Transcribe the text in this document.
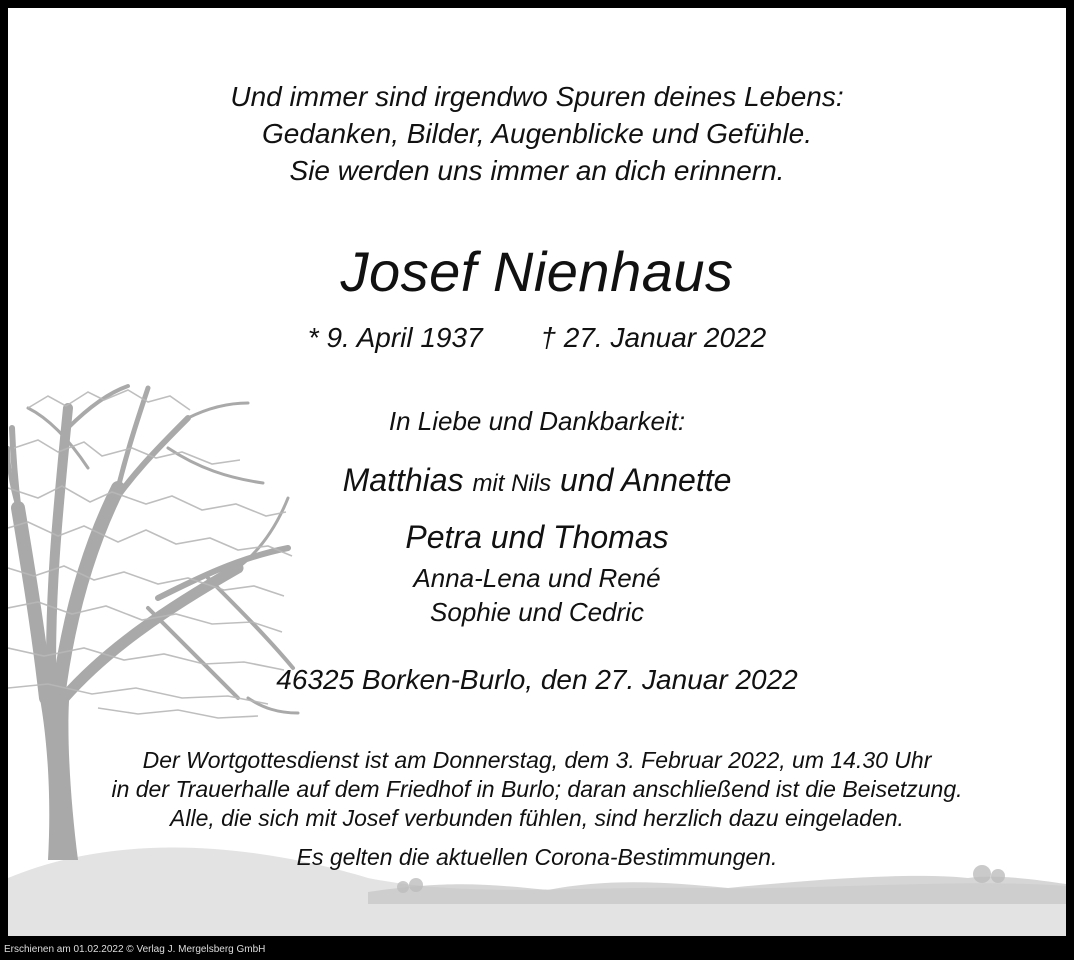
Und immer sind irgendwo Spuren deines Lebens:
Gedanken, Bilder, Augenblicke und Gefühle.
Sie werden uns immer an dich erinnern.
Josef Nienhaus
* 9. April 1937 † 27. Januar 2022
In Liebe und Dankbarkeit:
Matthias mit Nils und Annette
Petra und Thomas
Anna-Lena und René
Sophie und Cedric
46325 Borken-Burlo, den 27. Januar 2022
Der Wortgottesdienst ist am Donnerstag, dem 3. Februar 2022, um 14.30 Uhr
in der Trauerhalle auf dem Friedhof in Burlo; daran anschließend ist die Beisetzung.
Alle, die sich mit Josef verbunden fühlen, sind herzlich dazu eingeladen.
Es gelten die aktuellen Corona-Bestimmungen.
Erschienen am 01.02.2022 © Verlag J. Mergelsberg GmbH
